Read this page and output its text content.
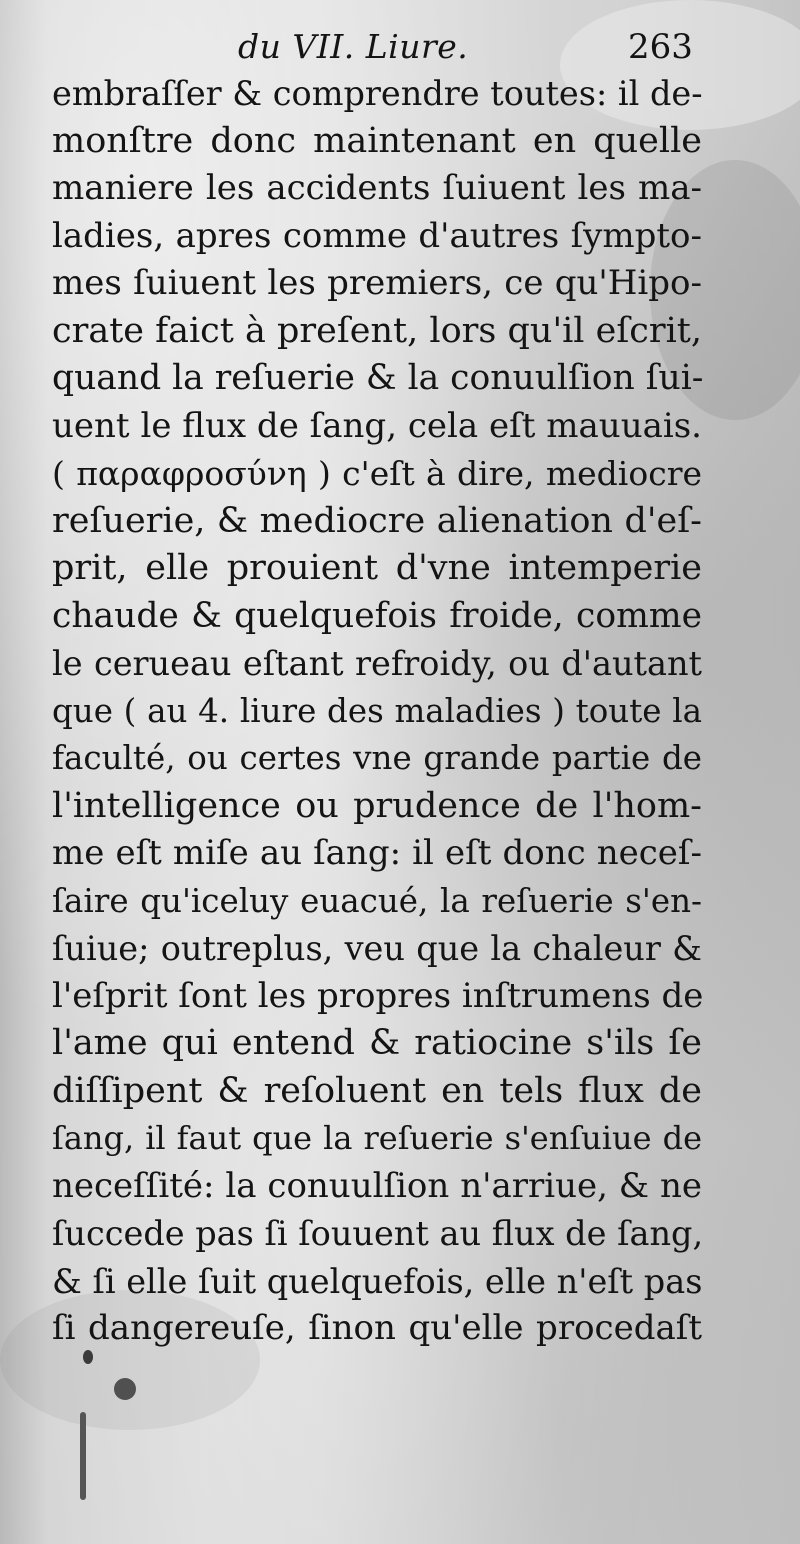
du VII. Liure.	263
embraſſer & comprendre toutes: il de-
monſtre donc maintenant en quelle
maniere les accidents ſuiuent les ma-
ladies, apres comme d'autres ſympto-
mes ſuiuent les premiers, ce qu'Hipo-
crate faict à preſent, lors qu'il eſcrit,
quand la reſuerie & la conuulſion ſui-
uent le flux de ſang, cela eſt mauuais.
( παραφροσύνη ) c'eſt à dire, mediocre
reſuerie, & mediocre alienation d'eſ-
prit, elle prouient d'vne intemperie
chaude & quelquefois froide, comme
le cerueau eſtant refroidy, ou d'autant
que ( au 4. liure des maladies ) toute la
faculté, ou certes vne grande partie de
l'intelligence ou prudence de l'hom-
me eſt miſe au ſang: il eſt donc neceſ-
ſaire qu'iceluy euacué, la reſuerie s'en-
ſuiue; outreplus, veu que la chaleur &
l'eſprit ſont les propres inſtrumens de
l'ame qui entend & ratiocine s'ils ſe
diſſipent & reſoluent en tels flux de
ſang, il faut que la reſuerie s'enſuiue de
neceſſité: la conuulſion n'arriue, & ne
ſuccede pas ſi ſouuent au flux de ſang,
& ſi elle ſuit quelquefois, elle n'eſt pas
ſi dangereuſe, ſinon qu'elle procedaſt
